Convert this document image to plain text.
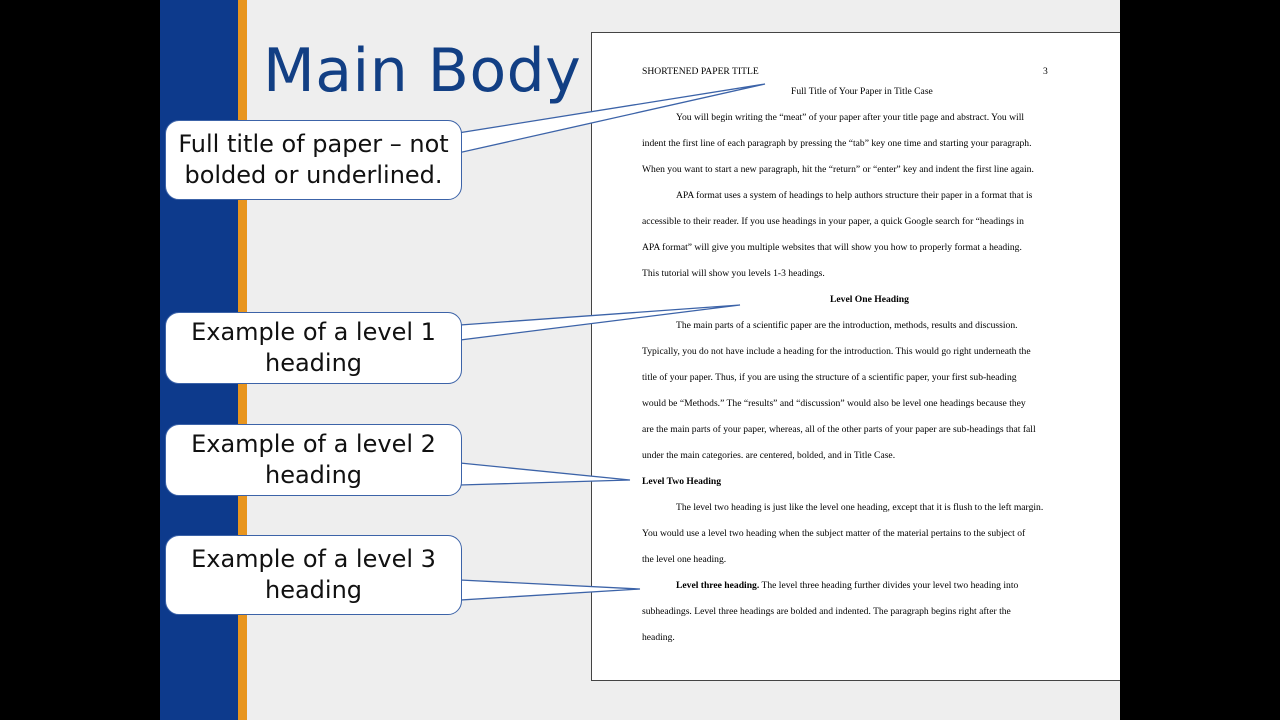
Main Body	SHORTENED PAPER TITLE	3
Full Title of Your Paper in Title Case
You will begin writing the “meat” of your paper after your title page and abstract. You will
indent the first line of each paragraph by pressing the “tab” key one time and starting your paragraph.
When you want to start a new paragraph, hit the “return” or “enter” key and indent the first line again.
APA format uses a system of headings to help authors structure their paper in a format that is
accessible to their reader. If you use headings in your paper, a quick Google search for “headings in
APA format” will give you multiple websites that will show you how to properly format a heading.
This tutorial will show you levels 1-3 headings.
Level One Heading
The main parts of a scientific paper are the introduction, methods, results and discussion.
Typically, you do not have include a heading for the introduction. This would go right underneath the
title of your paper. Thus, if you are using the structure of a scientific paper, your first sub-heading
would be “Methods.” The “results” and “discussion” would also be level one headings because they
are the main parts of your paper, whereas, all of the other parts of your paper are sub-headings that fall
under the main categories. are centered, bolded, and in Title Case.
Level Two Heading
The level two heading is just like the level one heading, except that it is flush to the left margin.
You would use a level two heading when the subject matter of the material pertains to the subject of
the level one heading.
Level three heading. The level three heading further divides your level two heading into
subheadings. Level three headings are bolded and indented. The paragraph begins right after the
heading.
Full title of paper – not bolded or underlined.
Example of a level 1 heading
Example of a level 2 heading
Example of a level 3 heading
